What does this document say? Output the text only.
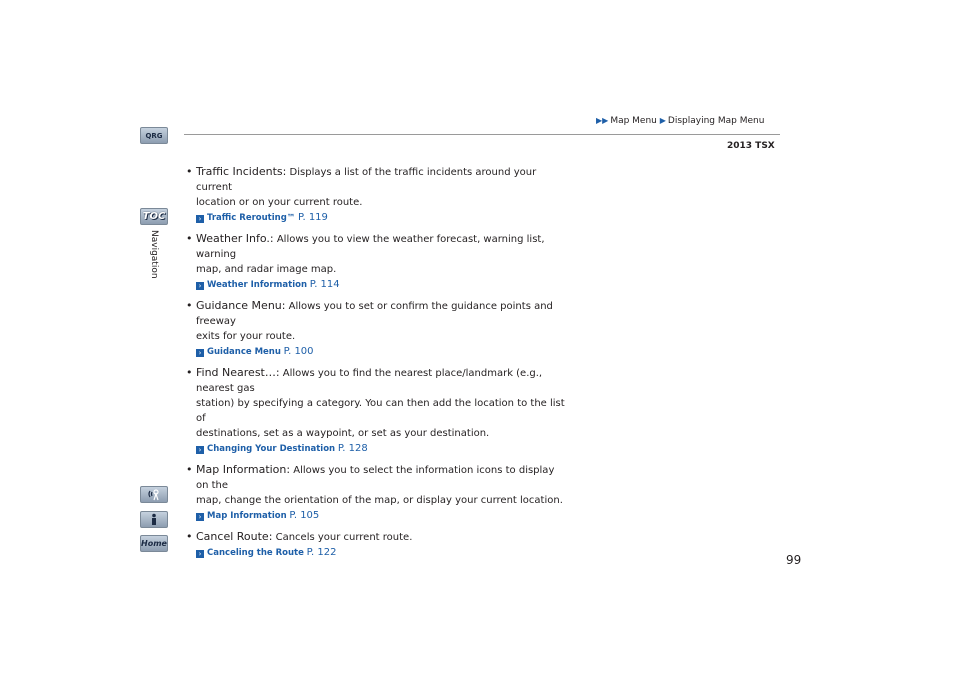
▶▶ Map Menu ▶ Displaying Map Menu
2013 TSX
QRG
TOC
Navigation
Home
• Traffic Incidents: Displays a list of the traffic incidents around your current
location or on your current route.
› Traffic Rerouting™ P. 119
• Weather Info.: Allows you to view the weather forecast, warning list, warning
map, and radar image map.
› Weather Information P. 114
• Guidance Menu: Allows you to set or confirm the guidance points and freeway
exits for your route.
› Guidance Menu P. 100
• Find Nearest…: Allows you to find the nearest place/landmark (e.g., nearest gas
station) by specifying a category. You can then add the location to the list of
destinations, set as a waypoint, or set as your destination.
› Changing Your Destination P. 128
• Map Information: Allows you to select the information icons to display on the
map, change the orientation of the map, or display your current location.
› Map Information P. 105
• Cancel Route: Cancels your current route.
› Canceling the Route P. 122
99
